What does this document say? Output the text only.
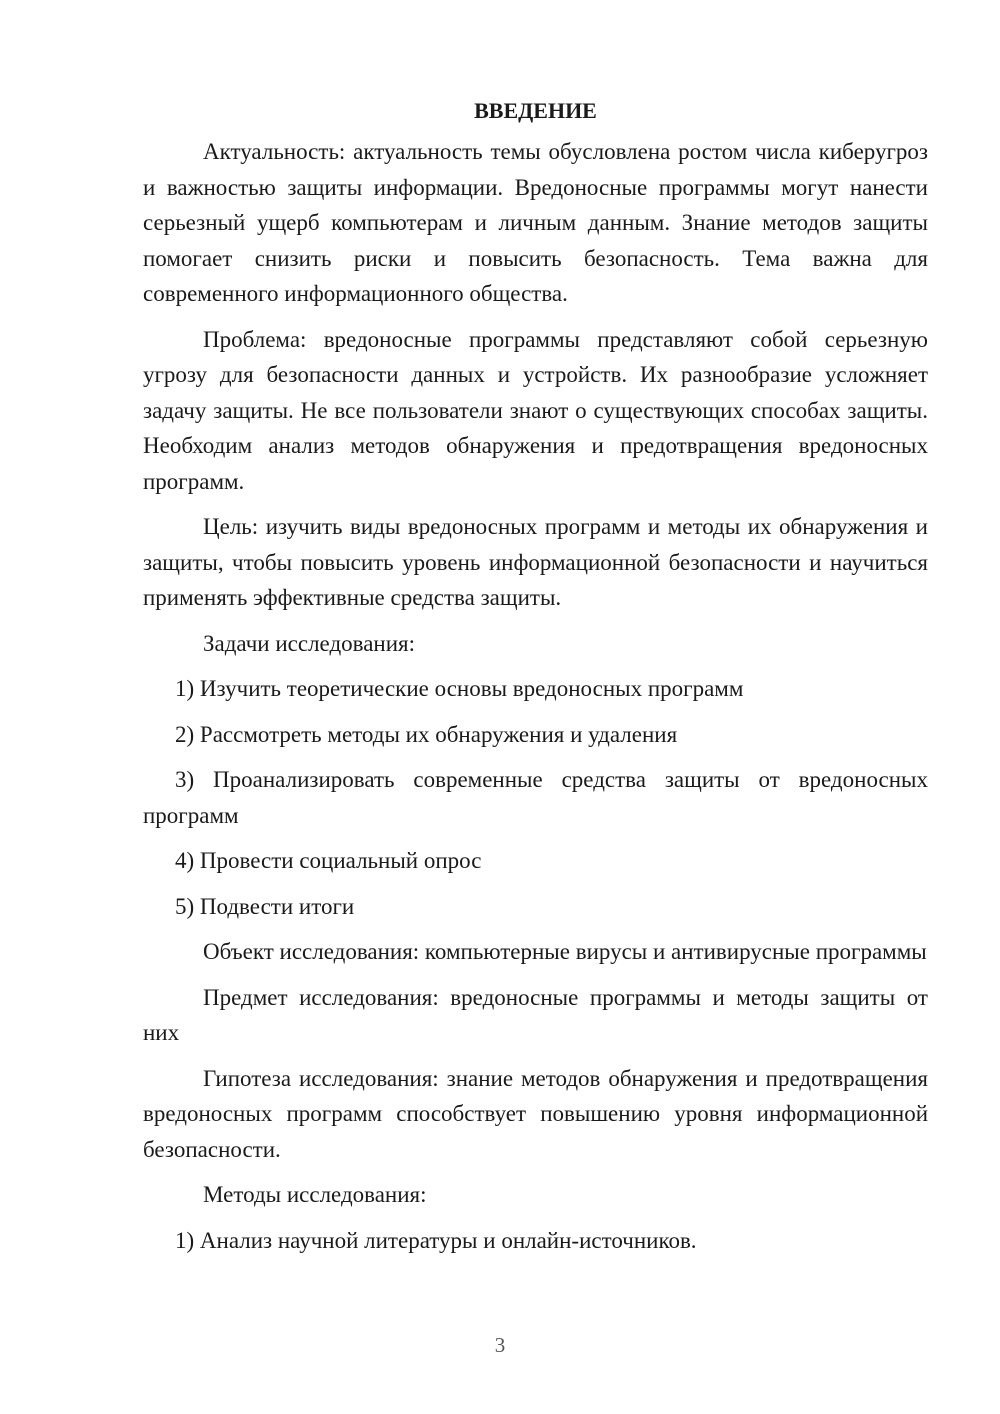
ВВЕДЕНИЕ

Актуальность: актуальность темы обусловлена ростом числа киберугроз и важностью защиты информации. Вредоносные программы могут нанести серьезный ущерб компьютерам и личным данным. Знание методов защиты помогает снизить риски и повысить безопасность. Тема важна для современного информационного общества.

Проблема: вредоносные программы представляют собой серьезную угрозу для безопасности данных и устройств. Их разнообразие усложняет задачу защиты. Не все пользователи знают о существующих способах защиты. Необходим анализ методов обнаружения и предотвращения вредоносных программ.

Цель: изучить виды вредоносных программ и методы их обнаружения и защиты, чтобы повысить уровень информационной безопасности и научиться применять эффективные средства защиты.

Задачи исследования:

1) Изучить теоретические основы вредоносных программ

2) Рассмотреть методы их обнаружения и удаления

3) Проанализировать современные средства защиты от вредоносных программ

4) Провести социальный опрос

5) Подвести итоги

Объект исследования: компьютерные вирусы и антивирусные программы

Предмет исследования: вредоносные программы и методы защиты от них

Гипотеза исследования: знание методов обнаружения и предотвращения вредоносных программ способствует повышению уровня информационной безопасности.

Методы исследования:

1) Анализ научной литературы и онлайн-источников.

3
